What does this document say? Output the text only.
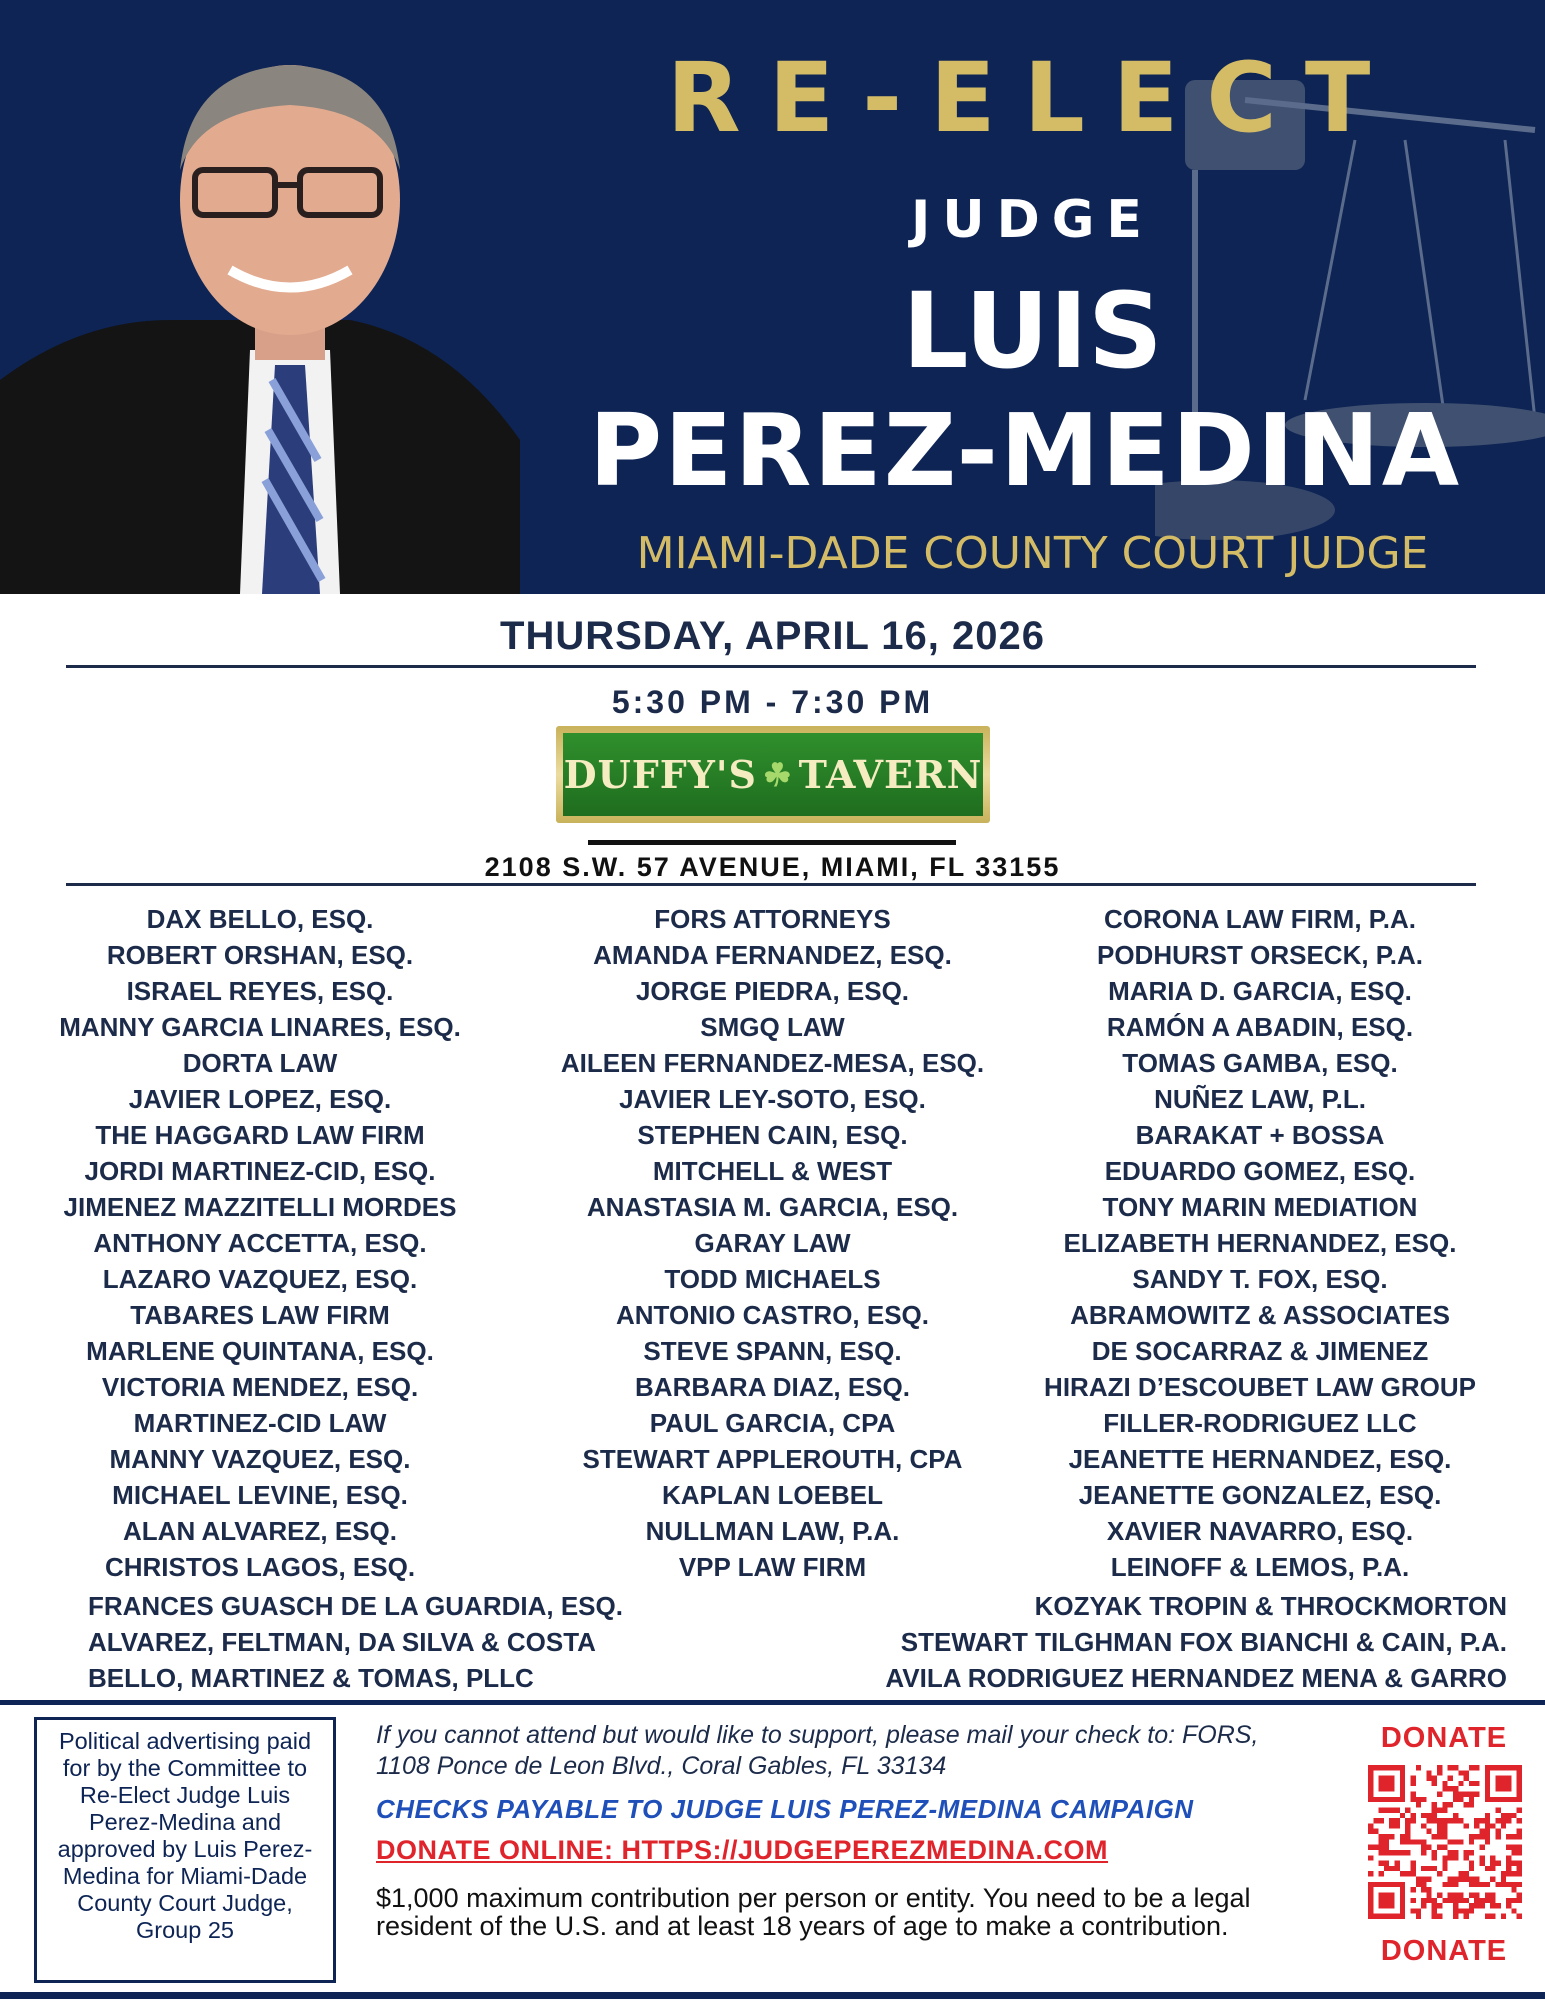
RE-ELECT
JUDGE
LUIS
PEREZ-MEDINA
MIAMI-DADE COUNTY COURT JUDGE
THURSDAY, APRIL 16, 2026
5:30 PM - 7:30 PM
DUFFY'S ☘ TAVERN
2108 S.W. 57 AVENUE, MIAMI, FL 33155
DAX BELLO, ESQ.
ROBERT ORSHAN, ESQ.
ISRAEL REYES, ESQ.
MANNY GARCIA LINARES, ESQ.
DORTA LAW
JAVIER LOPEZ, ESQ.
THE HAGGARD LAW FIRM
JORDI MARTINEZ-CID, ESQ.
JIMENEZ MAZZITELLI MORDES
ANTHONY ACCETTA, ESQ.
LAZARO VAZQUEZ, ESQ.
TABARES LAW FIRM
MARLENE QUINTANA, ESQ.
VICTORIA MENDEZ, ESQ.
MARTINEZ-CID LAW
MANNY VAZQUEZ, ESQ.
MICHAEL LEVINE, ESQ.
ALAN ALVAREZ, ESQ.
CHRISTOS LAGOS, ESQ.
FORS ATTORNEYS
AMANDA FERNANDEZ, ESQ.
JORGE PIEDRA, ESQ.
SMGQ LAW
AILEEN FERNANDEZ-MESA, ESQ.
JAVIER LEY-SOTO, ESQ.
STEPHEN CAIN, ESQ.
MITCHELL & WEST
ANASTASIA M. GARCIA, ESQ.
GARAY LAW
TODD MICHAELS
ANTONIO CASTRO, ESQ.
STEVE SPANN, ESQ.
BARBARA DIAZ, ESQ.
PAUL GARCIA, CPA
STEWART APPLEROUTH, CPA
KAPLAN LOEBEL
NULLMAN LAW, P.A.
VPP LAW FIRM
CORONA LAW FIRM, P.A.
PODHURST ORSECK, P.A.
MARIA D. GARCIA, ESQ.
RAMÓN A ABADIN, ESQ.
TOMAS GAMBA, ESQ.
NUÑEZ LAW, P.L.
BARAKAT + BOSSA
EDUARDO GOMEZ, ESQ.
TONY MARIN MEDIATION
ELIZABETH HERNANDEZ, ESQ.
SANDY T. FOX, ESQ.
ABRAMOWITZ & ASSOCIATES
DE SOCARRAZ & JIMENEZ
HIRAZI D’ESCOUBET LAW GROUP
FILLER-RODRIGUEZ LLC
JEANETTE HERNANDEZ, ESQ.
JEANETTE GONZALEZ, ESQ.
XAVIER NAVARRO, ESQ.
LEINOFF & LEMOS, P.A.
FRANCES GUASCH DE LA GUARDIA, ESQ.
ALVAREZ, FELTMAN, DA SILVA & COSTA
BELLO, MARTINEZ & TOMAS, PLLC
KOZYAK TROPIN & THROCKMORTON
STEWART TILGHMAN FOX BIANCHI & CAIN, P.A.
AVILA RODRIGUEZ HERNANDEZ MENA & GARRO
Political advertising paid for by the Committee to Re-Elect Judge Luis Perez-Medina and approved by Luis Perez-Medina for Miami-Dade County Court Judge, Group 25
If you cannot attend but would like to support, please mail your check to: FORS, 1108 Ponce de Leon Blvd., Coral Gables, FL 33134
CHECKS PAYABLE TO JUDGE LUIS PEREZ-MEDINA CAMPAIGN
DONATE ONLINE: HTTPS://JUDGEPEREZMEDINA.COM
$1,000 maximum contribution per person or entity. You need to be a legal resident of the U.S. and at least 18 years of age to make a contribution.
DONATE
DONATE
